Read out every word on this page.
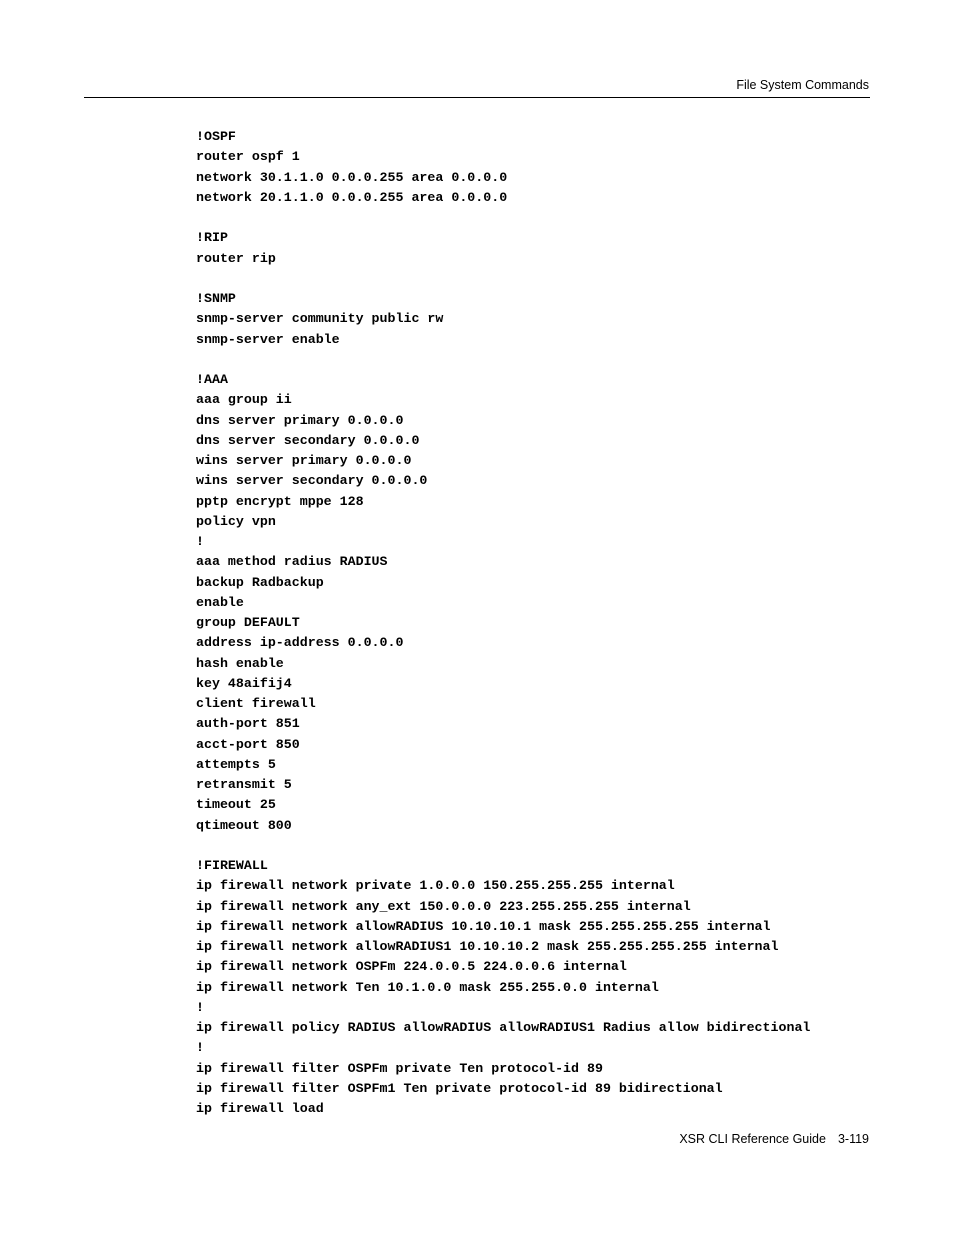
File System Commands
!OSPF
router ospf 1
network 30.1.1.0 0.0.0.255 area 0.0.0.0
network 20.1.1.0 0.0.0.255 area 0.0.0.0
!RIP
router rip
!SNMP
snmp-server community public rw
snmp-server enable
!AAA
aaa group ii
dns server primary 0.0.0.0
dns server secondary 0.0.0.0
wins server primary 0.0.0.0
wins server secondary 0.0.0.0
pptp encrypt mppe 128
policy vpn
!
aaa method radius RADIUS
backup Radbackup
enable
group DEFAULT
address ip-address 0.0.0.0
hash enable
key 48aifij4
client firewall
auth-port 851
acct-port 850
attempts 5
retransmit 5
timeout 25
qtimeout 800
!FIREWALL
ip firewall network private 1.0.0.0 150.255.255.255 internal
ip firewall network any_ext 150.0.0.0 223.255.255.255 internal
ip firewall network allowRADIUS 10.10.10.1 mask 255.255.255.255 internal
ip firewall network allowRADIUS1 10.10.10.2 mask 255.255.255.255 internal
ip firewall network OSPFm 224.0.0.5 224.0.0.6 internal
ip firewall network Ten 10.1.0.0 mask 255.255.0.0 internal
!
ip firewall policy RADIUS allowRADIUS allowRADIUS1 Radius allow bidirectional
!
ip firewall filter OSPFm private Ten protocol-id 89
ip firewall filter OSPFm1 Ten private protocol-id 89 bidirectional
ip firewall load
XSR CLI Reference Guide 3-119
